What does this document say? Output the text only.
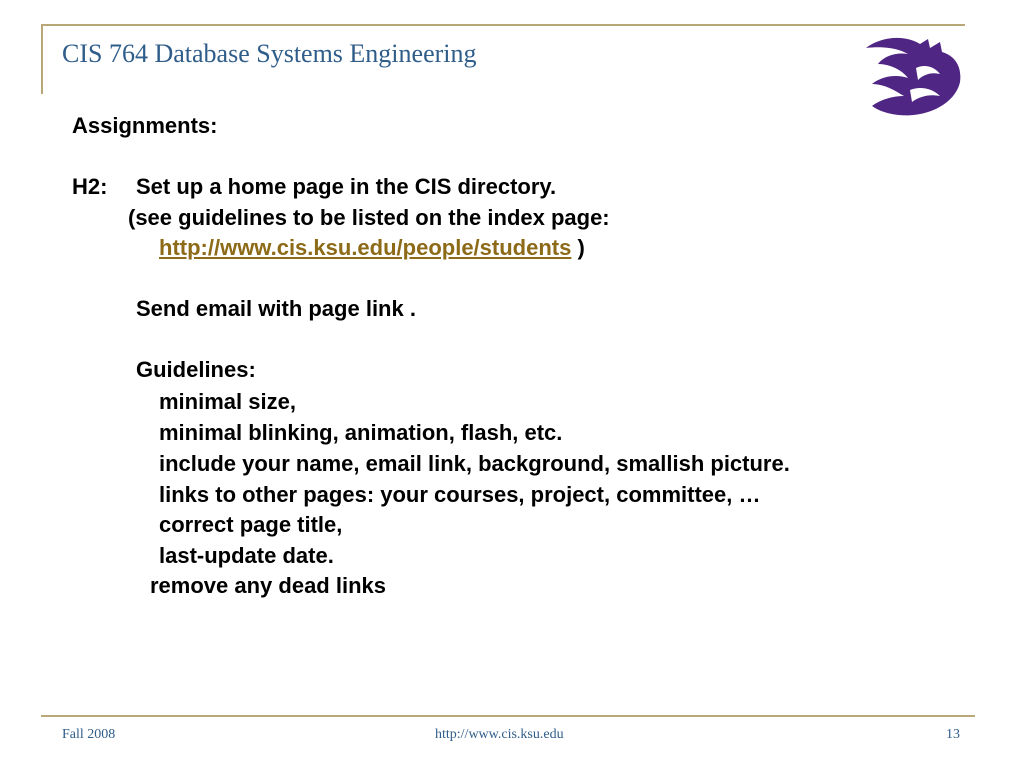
CIS 764 Database Systems Engineering
Assignments:
H2: Set up a home page in the CIS directory.
(see guidelines to be listed on the index page:
http://www.cis.ksu.edu/people/students )
Send email with page link .
Guidelines:
minimal size,
minimal blinking, animation, flash, etc.
include your name, email link, background, smallish picture.
links to other pages: your courses, project, committee, …
correct page title,
last-update date.
remove any dead links
Fall 2008	http://www.cis.ksu.edu	13
